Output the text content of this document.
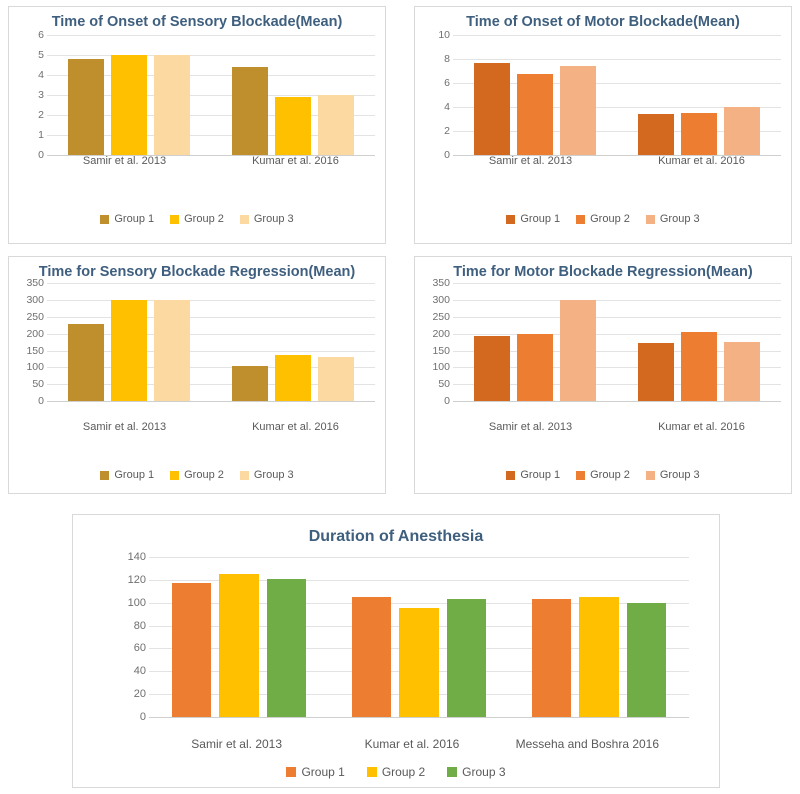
Time of Onset of Sensory Blockade(Mean)
0
1
2
3
4
5
6
Samir et al. 2013	Kumar et al. 2016
Group 1	Group 2	Group 3
Time of Onset of Motor Blockade(Mean)
0
2
4
6
8
10
Samir et al. 2013	Kumar et al. 2016
Group 1	Group 2	Group 3
Time for Sensory Blockade Regression(Mean)
0
50
100
150
200
250
300
350
Samir et al. 2013	Kumar et al. 2016
Group 1	Group 2	Group 3
Time for Motor Blockade Regression(Mean)
0
50
100
150
200
250
300
350
Samir et al. 2013	Kumar et al. 2016
Group 1	Group 2	Group 3
Duration of Anesthesia
0
20
40
60
80
100
120
140
Samir et al. 2013	Kumar et al. 2016	Messeha and Boshra 2016
Group 1	Group 2	Group 3
